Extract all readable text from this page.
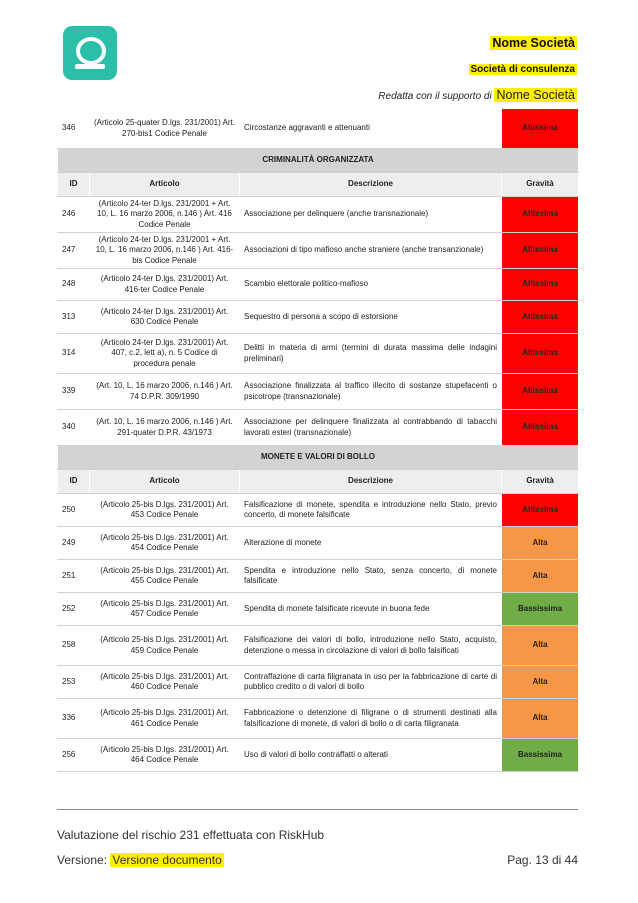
Nome Società
Società di consulenza
Redatta con il supporto di Nome Società
346	(Articolo 25-quater D.lgs. 231/2001) Art. 270-bis1 Codice Penale	Circostanze aggravanti e attenuanti	Altissima
CRIMINALITÀ ORGANIZZATA			
ID	Articolo	Descrizione	Gravità
246	(Articolo 24-ter D.lgs. 231/2001 + Art. 10, L. 16 marzo 2006, n.146 ) Art. 416 Codice Penale	Associazione per delinquere (anche transnazionale)	Altissima
247	(Articolo 24-ter D.lgs. 231/2001 + Art. 10, L. 16 marzo 2006, n.146 ) Art. 416-bis Codice Penale	Associazioni di tipo mafioso anche straniere (anche transanzionale)	Altissima
248	(Articolo 24-ter D.lgs. 231/2001) Art. 416-ter Codice Penale	Scambio elettorale politico-mafioso	Altissima
313	(Articolo 24-ter D.lgs. 231/2001) Art. 630 Codice Penale	Sequestro di persona a scopo di estorsione	Altissima
314	(Articolo 24-ter D.lgs. 231/2001) Art. 407, c.2, lett a), n. 5 Codice di procedura penale	Delitti in materia di armi (termini di durata massima delle indagini preliminari)	Altissima
339	(Art. 10, L. 16 marzo 2006, n.146 ) Art. 74 D.P.R. 309/1990	Associazione finalizzata al traffico illecito di sostanze stupefacenti o psicotrope (transnazionale)	Altissima
340	(Art. 10, L. 16 marzo 2006, n.146 ) Art. 291-quater D.P.R. 43/1973	Associazione per delinquere finalizzata al contrabbando di tabacchi lavorati esteri (transnazionale)	Altissima
MONETE E VALORI DI BOLLO			
ID	Articolo	Descrizione	Gravità
250	(Articolo 25-bis D.lgs. 231/2001) Art. 453 Codice Penale	Falsificazione di monete, spendita e introduzione nello Stato, previo concerto, di monete falsificate	Altissima
249	(Articolo 25-bis D.lgs. 231/2001) Art. 454 Codice Penale	Alterazione di monete	Alta
251	(Articolo 25-bis D.lgs. 231/2001) Art. 455 Codice Penale	Spendita e introduzione nello Stato, senza concerto, di monete falsificate	Alta
252	(Articolo 25-bis D.lgs. 231/2001) Art. 457 Codice Penale	Spendita di monete falsificate ricevute in buona fede	Bassissima
258	(Articolo 25-bis D.lgs. 231/2001) Art. 459 Codice Penale	Falsificazione dei valori di bollo, introduzione nello Stato, acquisto, detenzione o messa in circolazione di valori di bollo falsificati	Alta
253	(Articolo 25-bis D.lgs. 231/2001) Art. 460 Codice Penale	Contraffazione di carta filigranata in uso per la fabbricazione di carte di pubblico credito o di valori di bollo	Alta
336	(Articolo 25-bis D.lgs. 231/2001) Art. 461 Codice Penale	Fabbricazione o detenzione di filigrane o di strumenti destinati alla falsificazione di monete, di valori di bollo o di carta filigranata	Alta
256	(Articolo 25-bis D.lgs. 231/2001) Art. 464 Codice Penale	Uso di valori di bollo contraffatti o alterati	Bassissima
Valutazione del rischio 231 effettuata con RiskHub
Versione: Versione documento	Pag. 13 di 44
